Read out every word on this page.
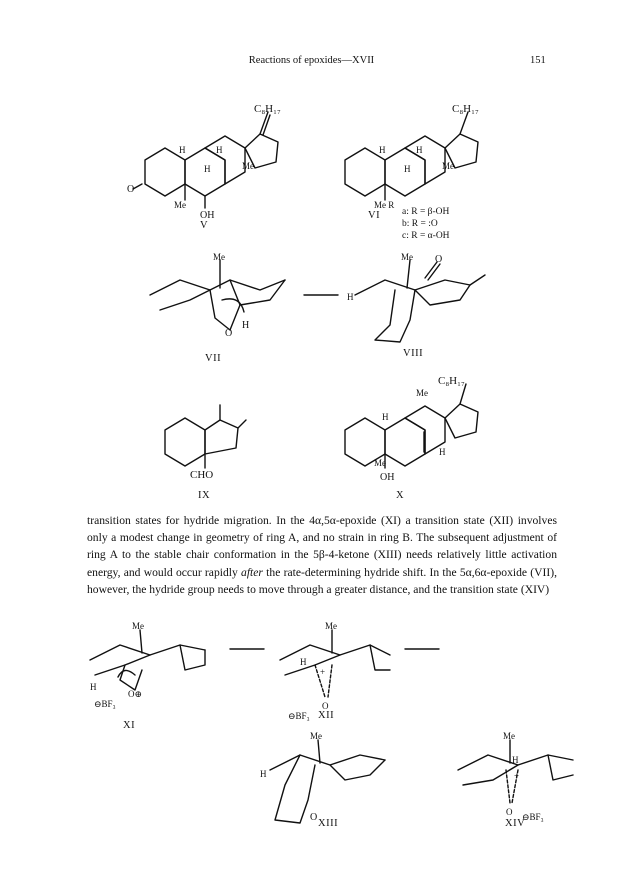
Reactions of epoxides—XVII	151
C₈H₁₇
H	H
H	Me
Me
OH
O
V
C₈H₁₇
H	H
H	Me
Me R
VI a: R = β-OH
b: R = :O
c: R = α-OH
Me
O
H
VII
Me O
H
VIII
CHO
IX
C₈H₁₇
Me
H
H
Me
OH
X

transition states for hydride migration. In the 4α,5α-epoxide (XI) a transition state (XII) involves only a modest change in geometry of ring A, and no strain in ring B. The subsequent adjustment of ring A to the stable chair conformation in the 5β-4-ketone (XIII) needs relatively little activation energy, and would occur rapidly after the rate-determining hydride shift. In the 5α,6α-epoxide (VII), however, the hydride group needs to move through a greater distance, and the transition state (XIV)

Me
H
O⊕
⊖BF₃
XI
Me
H
+
O
⊖BF₃ XII
Me
H
O
XIII
Me
H
+
O ⊖BF₃
XIV
